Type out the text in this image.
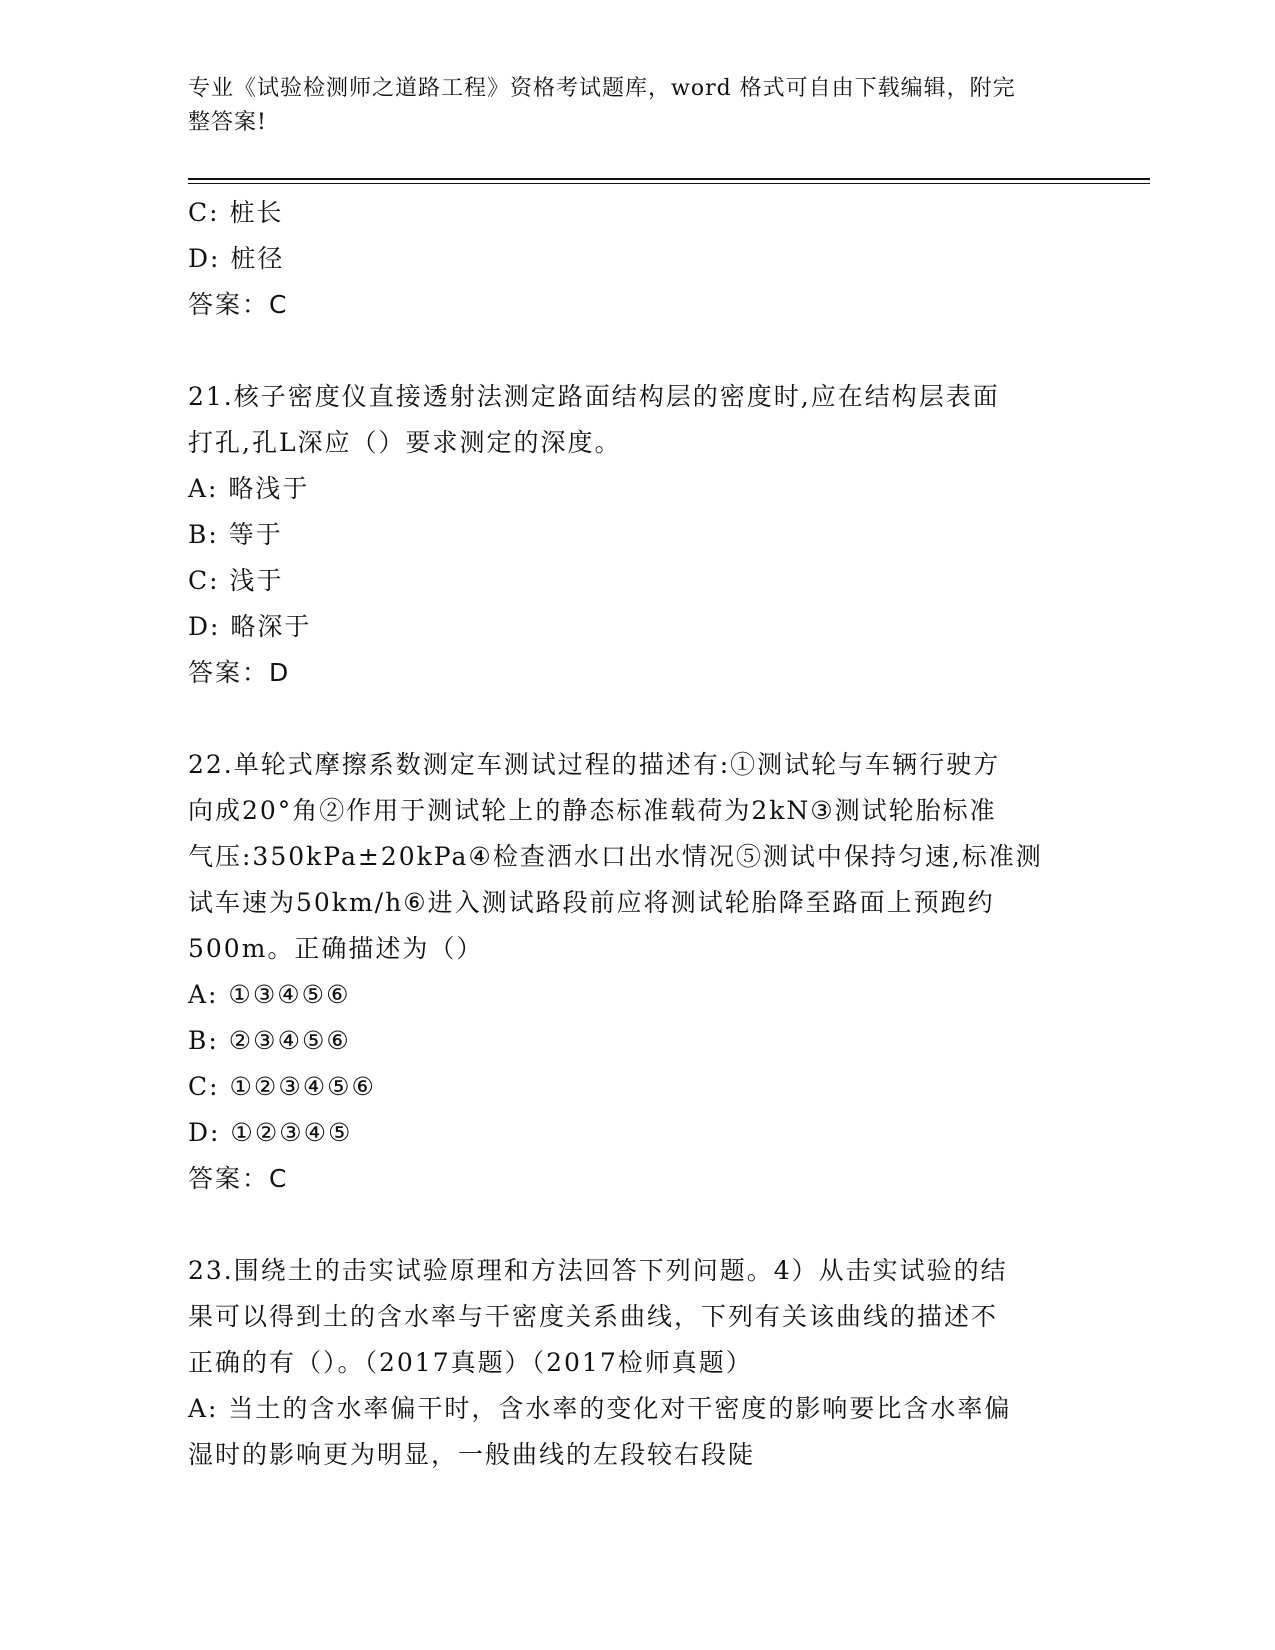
专业《试验检测师之道路工程》资格考试题库，word 格式可自由下载编辑，附完
整答案!
C: 桩长
D: 桩径
答案：C
21.核子密度仪直接透射法测定路面结构层的密度时,应在结构层表面
打孔,孔L深应（）要求测定的深度。
A: 略浅于
B: 等于
C: 浅于
D: 略深于
答案：D
22.单轮式摩擦系数测定车测试过程的描述有:①测试轮与车辆行驶方
向成20°角②作用于测试轮上的静态标准载荷为2kN③测试轮胎标准
气压:350kPa±20kPa④检查洒水口出水情况⑤测试中保持匀速,标准测
试车速为50km/h⑥进入测试路段前应将测试轮胎降至路面上预跑约
500m。正确描述为（）
A: ①③④⑤⑥
B: ②③④⑤⑥
C: ①②③④⑤⑥
D: ①②③④⑤
答案：C
23.围绕土的击实试验原理和方法回答下列问题。4）从击实试验的结
果可以得到土的含水率与干密度关系曲线，下列有关该曲线的描述不
正确的有（）。（2017真题）（2017检师真题）
A: 当土的含水率偏干时，含水率的变化对干密度的影响要比含水率偏
湿时的影响更为明显，一般曲线的左段较右段陡
